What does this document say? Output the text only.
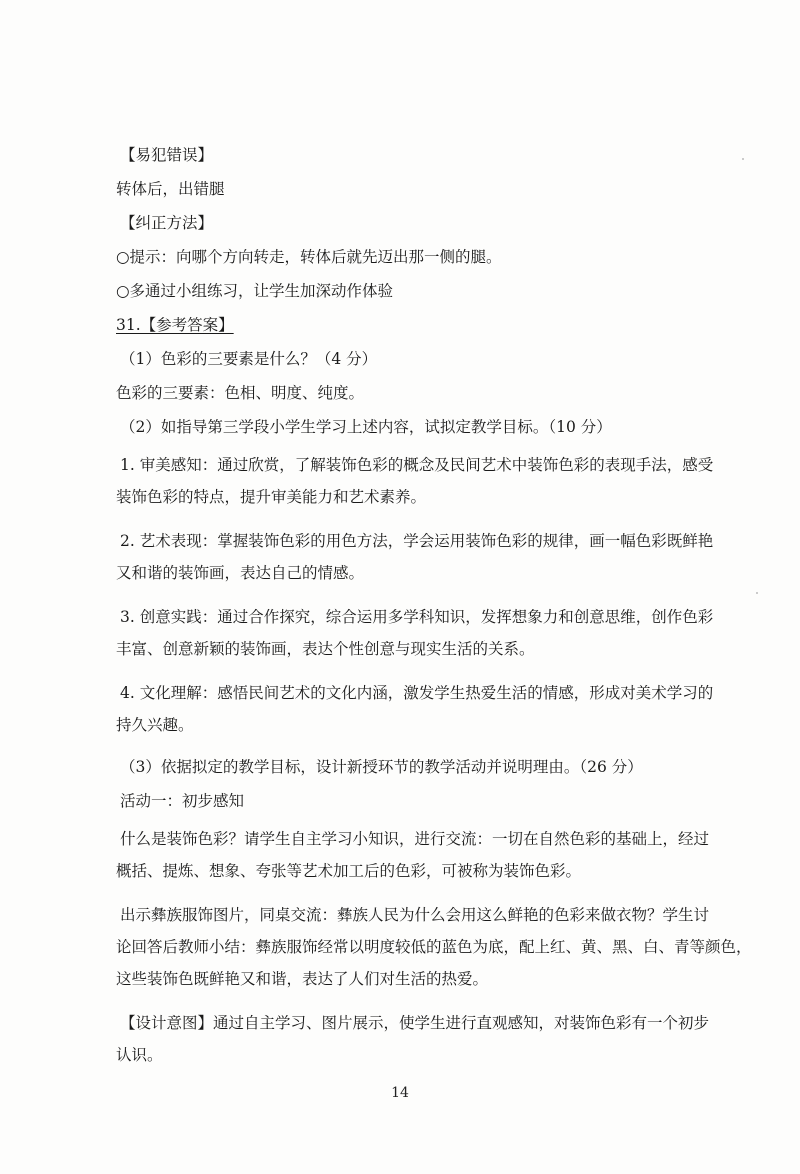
【易犯错误】

转体后，出错腿

【纠正方法】

○提示：向哪个方向转走，转体后就先迈出那一侧的腿。

○多通过小组练习，让学生加深动作体验

31.【参考答案】

（1）色彩的三要素是什么？（4 分）

色彩的三要素：色相、明度、纯度。

（2）如指导第三学段小学生学习上述内容，试拟定教学目标。（10 分）

1. 审美感知：通过欣赏，了解装饰色彩的概念及民间艺术中装饰色彩的表现手法，感受

装饰色彩的特点，提升审美能力和艺术素养。

2. 艺术表现：掌握装饰色彩的用色方法，学会运用装饰色彩的规律，画一幅色彩既鲜艳

又和谐的装饰画，表达自己的情感。

3. 创意实践：通过合作探究，综合运用多学科知识，发挥想象力和创意思维，创作色彩

丰富、创意新颖的装饰画，表达个性创意与现实生活的关系。

4. 文化理解：感悟民间艺术的文化内涵，激发学生热爱生活的情感，形成对美术学习的

持久兴趣。

（3）依据拟定的教学目标，设计新授环节的教学活动并说明理由。（26 分）

活动一：初步感知

什么是装饰色彩？请学生自主学习小知识，进行交流：一切在自然色彩的基础上，经过

概括、提炼、想象、夸张等艺术加工后的色彩，可被称为装饰色彩。

出示彝族服饰图片，同桌交流：彝族人民为什么会用这么鲜艳的色彩来做衣物？学生讨

论回答后教师小结：彝族服饰经常以明度较低的蓝色为底，配上红、黄、黑、白、青等颜色，

这些装饰色既鲜艳又和谐，表达了人们对生活的热爱。

【设计意图】通过自主学习、图片展示，使学生进行直观感知，对装饰色彩有一个初步

认识。

14
